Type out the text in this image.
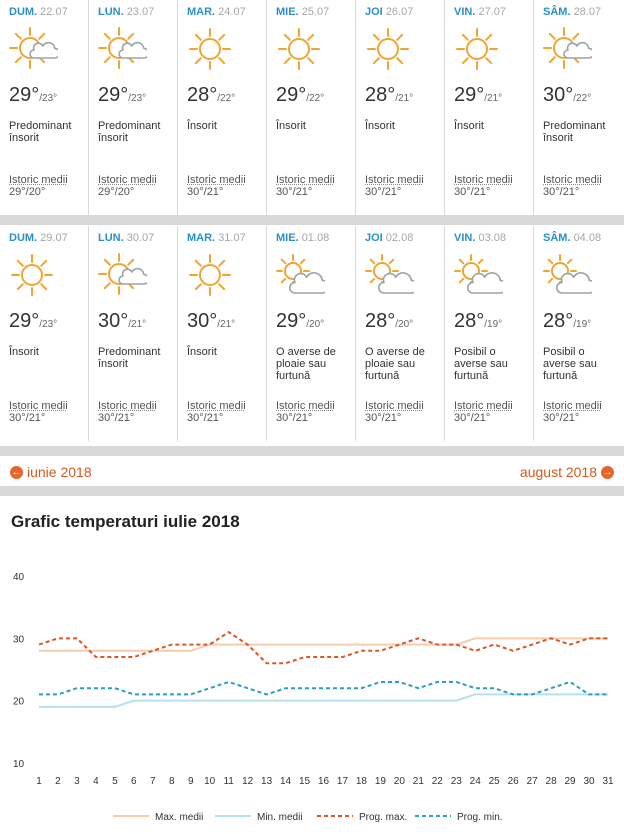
DUM. 22.07
29°/23°
Predominant însorit
Istoric medii
29°/20°
LUN. 23.07
29°/23°
Predominant însorit
Istoric medii
29°/20°
MAR. 24.07
28°/22°
Însorit
Istoric medii
30°/21°
MIE. 25.07
29°/22°
Însorit
Istoric medii
30°/21°
JOI 26.07
28°/21°
Însorit
Istoric medii
30°/21°
VIN. 27.07
29°/21°
Însorit
Istoric medii
30°/21°
SÂM. 28.07
30°/22°
Predominant însorit
Istoric medii
30°/21°
DUM. 29.07
29°/23°
Însorit
Istoric medii
30°/21°
LUN. 30.07
30°/21°
Predominant însorit
Istoric medii
30°/21°
MAR. 31.07
30°/21°
Însorit
Istoric medii
30°/21°
MIE. 01.08
29°/20°
O averse de ploaie sau furtună
Istoric medii
30°/21°
JOI 02.08
28°/20°
O averse de ploaie sau furtună
Istoric medii
30°/21°
VIN. 03.08
28°/19°
Posibil o averse sau furtună
Istoric medii
30°/21°
SÂM. 04.08
28°/19°
Posibil o averse sau furtună
Istoric medii
30°/21°
← iunie 2018	august 2018 →
Grafic temperaturi iulie 2018
10
20
30
40
1 2 3 4 5 6 7 8 9 10 11 12 13 14 15 16 17 18 19 20 21 22 23 24 25 26 27 28 29 30 31
Max. medii	Min. medii	Prog. max.	Prog. min.
